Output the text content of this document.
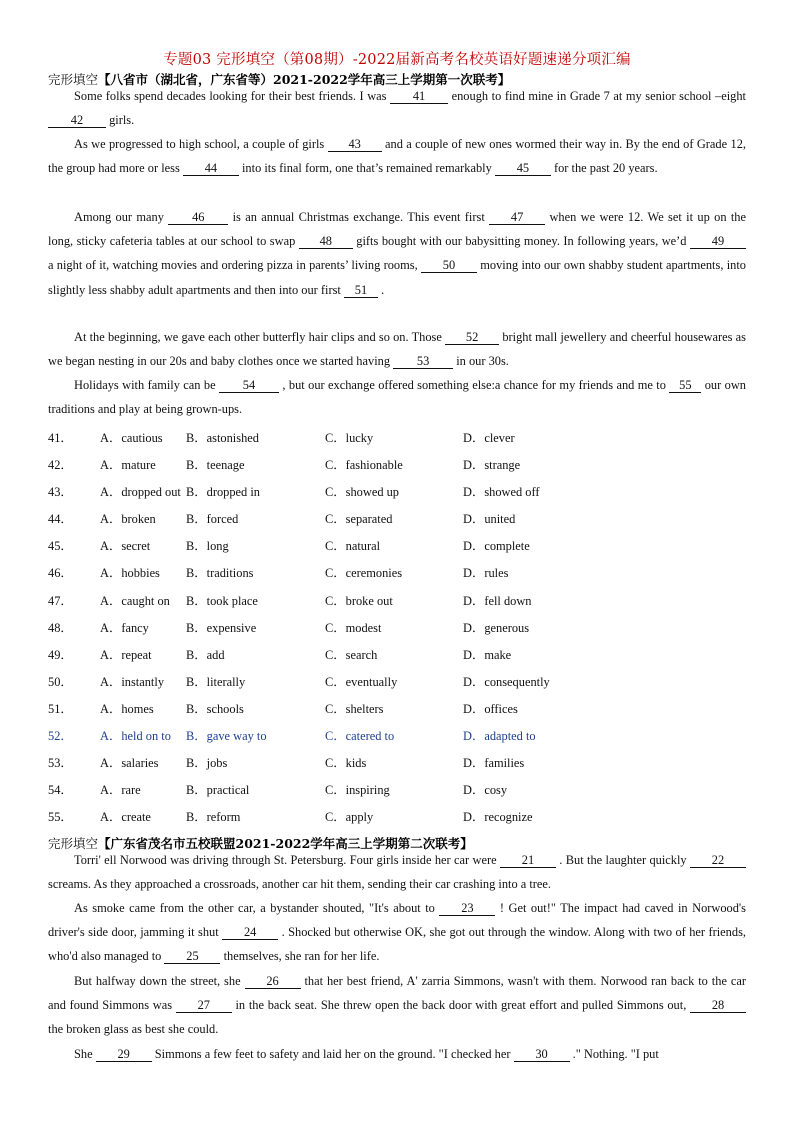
专题03 完形填空（第08期）-2022届新高考名校英语好题速递分项汇编
完形填空【八省市（湖北省，广东省等）2021-2022学年高三上学期第一次联考】
Some folks spend decades looking for their best friends. I was 41 enough to find mine in Grade 7 at my senior school –eight 42 girls.
As we progressed to high school, a couple of girls 43 and a couple of new ones wormed their way in. By the end of Grade 12, the group had more or less 44 into its final form, one that’s remained remarkably 45 for the past 20 years.
Among our many 46 is an annual Christmas exchange. This event first 47 when we were 12. We set it up on the long, sticky cafeteria tables at our school to swap 48 gifts bought with our babysitting money. In following years, we’d 49 a night of it, watching movies and ordering pizza in parents’ living rooms, 50 moving into our own shabby student apartments, into slightly less shabby adult apartments and then into our first 51 .
At the beginning, we gave each other butterfly hair clips and so on. Those 52 bright mall jewellery and cheerful housewares as we began nesting in our 20s and baby clothes once we started having 53 in our 30s.
Holidays with family can be 54 , but our exchange offered something else:a chance for my friends and me to 55 our own traditions and play at being grown-ups.
41． A．cautious B．astonished	C．lucky	D．clever
42． A．mature B．teenage	C．fashionable	D．strange
43． A．dropped out B．dropped in	C．showed up	D．showed off
44． A．broken B．forced	C．separated	D．united
45． A．secret	B．long	C．natural	D．complete
46． A．hobbies B．traditions	C．ceremonies	D．rules
47． A．caught on B．took place	C．broke out	D．fell down
48． A．fancy	B．expensive	C．modest	D．generous
49． A．repeat	B．add	C．search	D．make
50． A．instantly B．literally	C．eventually	D．consequently
51． A．homes	B．schools	C．shelters	D．offices
52． A．held on to B．gave way to	C．catered to	D．adapted to
53． A．salaries B．jobs	C．kids	D．families
54． A．rare	B．practical	C．inspiring	D．cosy
55． A．create	B．reform	C．apply	D．recognize
完形填空【广东省茂名市五校联盟2021-2022学年高三上学期第二次联考】
Torri' ell Norwood was driving through St. Petersburg. Four girls inside her car were 21 . But the laughter quickly 22 screams. As they approached a crossroads, another car hit them, sending their car crashing into a tree.
As smoke came from the other car, a bystander shouted, "It's about to 23 ! Get out!" The impact had caved in Norwood's driver's side door, jamming it shut 24 . Shocked but otherwise OK, she got out through the window. Along with two of her friends, who'd also managed to 25 themselves, she ran for her life.
But halfway down the street, she 26 that her best friend, A' zarria Simmons, wasn't with them. Norwood ran back to the car and found Simmons was 27 in the back seat. She threw open the back door with great effort and pulled Simmons out, 28 the broken glass as best she could.
She 29 Simmons a few feet to safety and laid her on the ground. "I checked her 30 ." Nothing. "I put
